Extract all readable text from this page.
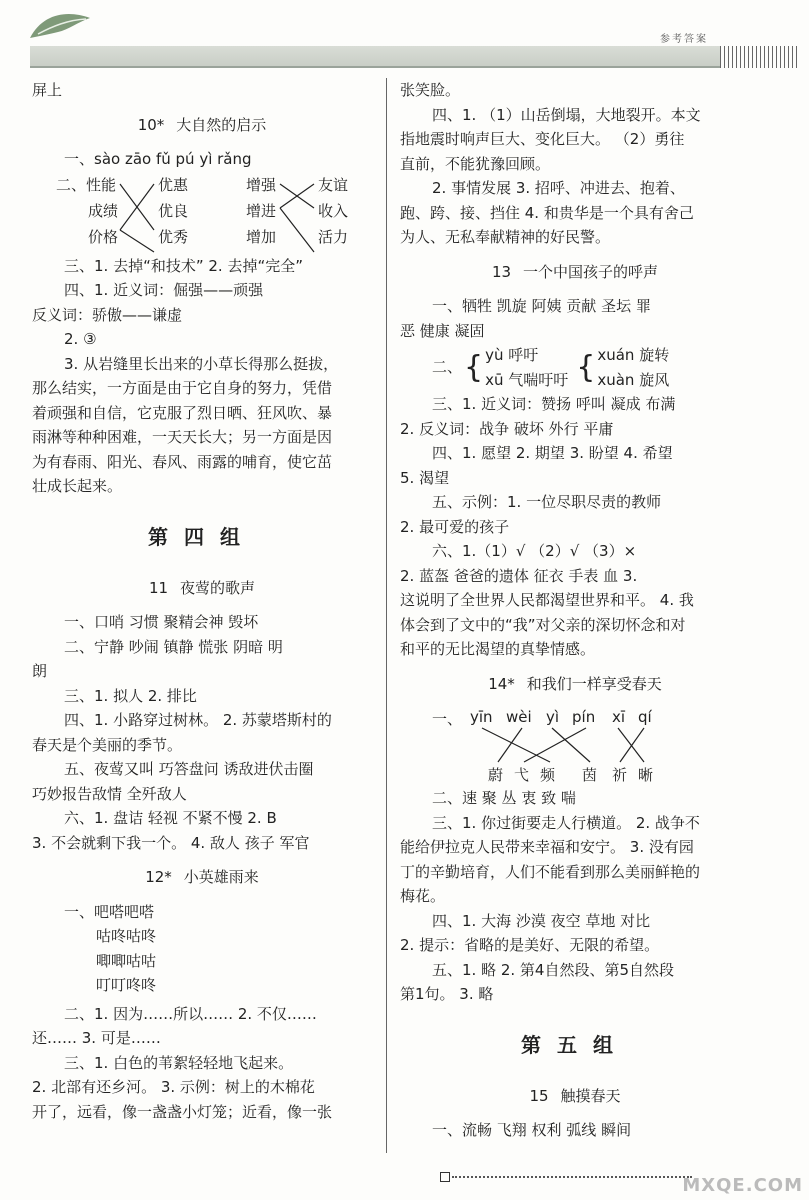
参考答案
屏上
10* 大自然的启示
一、sào zāo fǔ pú yì rǎng
二、性能
成绩
价格
优惠
优良
优秀
增强
增进
增加
友谊
收入
活力
三、1. 去掉“和技术” 2. 去掉“完全”
四、1. 近义词：倔强——顽强
反义词：骄傲——谦虚
2. ③
3. 从岩缝里长出来的小草长得那么挺拔，
那么结实，一方面是由于它自身的努力，凭借
着顽强和自信，它克服了烈日晒、狂风吹、暴
雨淋等种种困难，一天天长大；另一方面是因
为有春雨、阳光、春风、雨露的哺育，使它茁
壮成长起来。
第四组
11 夜莺的歌声
一、口哨 习惯 聚精会神 毁坏
二、宁静 吵闹 镇静 慌张 阴暗 明
朗
三、1. 拟人 2. 排比
四、1. 小路穿过树林。 2. 苏蒙塔斯村的
春天是个美丽的季节。
五、夜莺又叫 巧答盘问 诱敌进伏击圈
巧妙报告敌情 全歼敌人
六、1. 盘诘 轻视 不紧不慢 2. B
3. 不会就剩下我一个。 4. 敌人 孩子 军官
12* 小英雄雨来
一、吧嗒吧嗒
咕咚咕咚
唧唧咕咕
叮叮咚咚
二、1. 因为……所以…… 2. 不仅……
还…… 3. 可是……
三、1. 白色的苇絮轻轻地飞起来。
2. 北部有还乡河。 3. 示例：树上的木棉花
开了，远看，像一盏盏小灯笼；近看，像一张
张笑脸。
四、1. （1）山岳倒塌，大地裂开。本文
指地震时响声巨大、变化巨大。 （2）勇往
直前，不能犹豫回顾。
2. 事情发展 3. 招呼、冲进去、抱着、
跑、跨、接、挡住 4. 和贵华是一个具有舍己
为人、无私奉献精神的好民警。
13 一个中国孩子的呼声
一、牺牲 凯旋 阿姨 贡献 圣坛 罪
恶 健康 凝固
二、 { yù 呼吁
xū 气喘吁吁 { xuán 旋转
xuàn 旋风
三、1. 近义词：赞扬 呼叫 凝成 布满
2. 反义词：战争 破坏 外行 平庸
四、1. 愿望 2. 期望 3. 盼望 4. 希望
5. 渴望
五、示例：1. 一位尽职尽责的教师
2. 最可爱的孩子
六、1.（1）√ （2）√ （3）×
2. 蓝盔 爸爸的遗体 征衣 手表 血 3.
这说明了全世界人民都渴望世界和平。 4. 我
体会到了文中的“我”对父亲的深切怀念和对
和平的无比渴望的真挚情感。
14* 和我们一样享受春天
一、 yīn wèi yì pín xī qí
蔚 弋 频 茵 祈 晰
二、速 聚 丛 衷 致 喘
三、1. 你过街要走人行横道。 2. 战争不
能给伊拉克人民带来幸福和安宁。 3. 没有园
丁的辛勤培育，人们不能看到那么美丽鲜艳的
梅花。
四、1. 大海 沙漠 夜空 草地 对比
2. 提示：省略的是美好、无限的希望。
五、1. 略 2. 第4自然段、第5自然段
第1句。 3. 略
第五组
15 触摸春天
一、流畅 飞翔 权利 弧线 瞬间
MXQE.COM
